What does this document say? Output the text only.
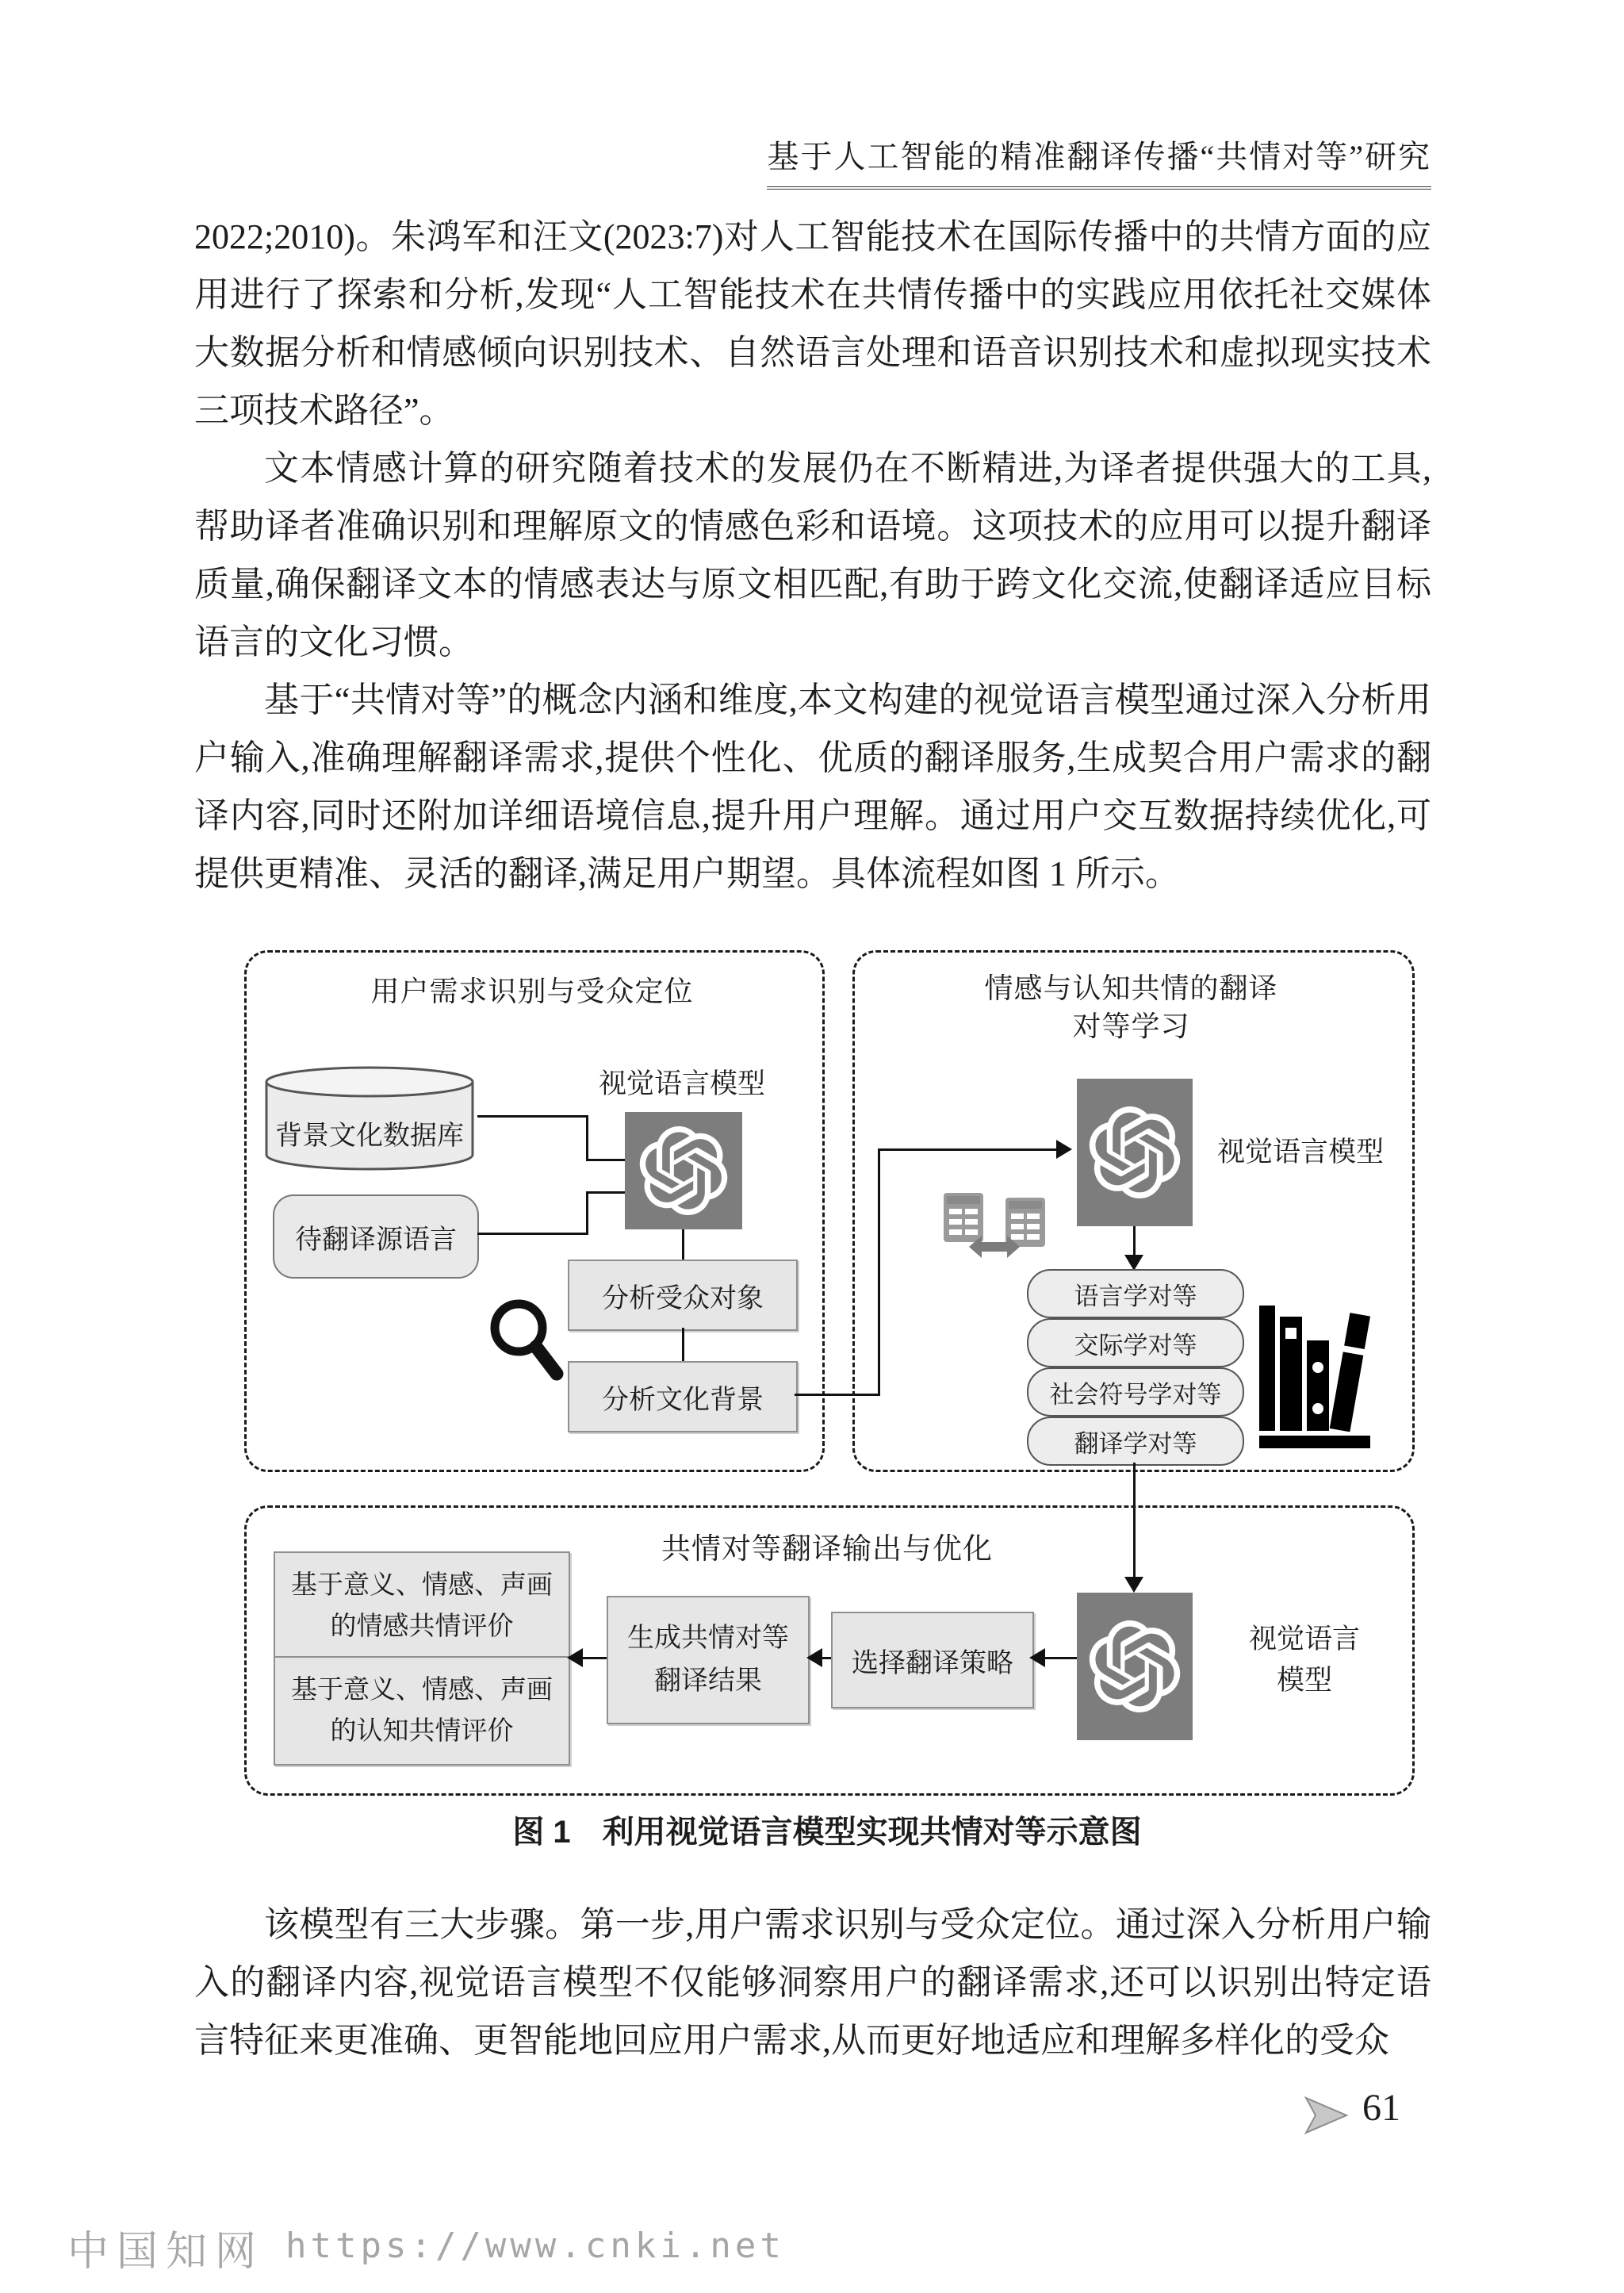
基于人工智能的精准翻译传播“共情对等”研究

2022;2010)。朱鸿军和汪文(2023:7)对人工智能技术在国际传播中的共情方面的应用进行了探索和分析,发现“人工智能技术在共情传播中的实践应用依托社交媒体大数据分析和情感倾向识别技术、自然语言处理和语音识别技术和虚拟现实技术三项技术路径”。

文本情感计算的研究随着技术的发展仍在不断精进,为译者提供强大的工具,帮助译者准确识别和理解原文的情感色彩和语境。这项技术的应用可以提升翻译质量,确保翻译文本的情感表达与原文相匹配,有助于跨文化交流,使翻译适应目标语言的文化习惯。

基于“共情对等”的概念内涵和维度,本文构建的视觉语言模型通过深入分析用户输入,准确理解翻译需求,提供个性化、优质的翻译服务,生成契合用户需求的翻译内容,同时还附加详细语境信息,提升用户理解。通过用户交互数据持续优化,可提供更精准、灵活的翻译,满足用户期望。具体流程如图 1 所示。

用户需求识别与受众定位
背景文化数据库
待翻译源语言
视觉语言模型
分析受众对象
分析文化背景
情感与认知共情的翻译
对等学习
视觉语言模型
语言学对等
交际学对等
社会符号学对等
翻译学对等
共情对等翻译输出与优化
基于意义、情感、声画
的情感共情评价
基于意义、情感、声画
的认知共情评价
生成共情对等
翻译结果
选择翻译策略
视觉语言
模型
图 1　利用视觉语言模型实现共情对等示意图

该模型有三大步骤。第一步,用户需求识别与受众定位。通过深入分析用户输入的翻译内容,视觉语言模型不仅能够洞察用户的翻译需求,还可以识别出特定语言特征来更准确、更智能地回应用户需求,从而更好地适应和理解多样化的受众

61
中国知网 https://www.cnki.net
